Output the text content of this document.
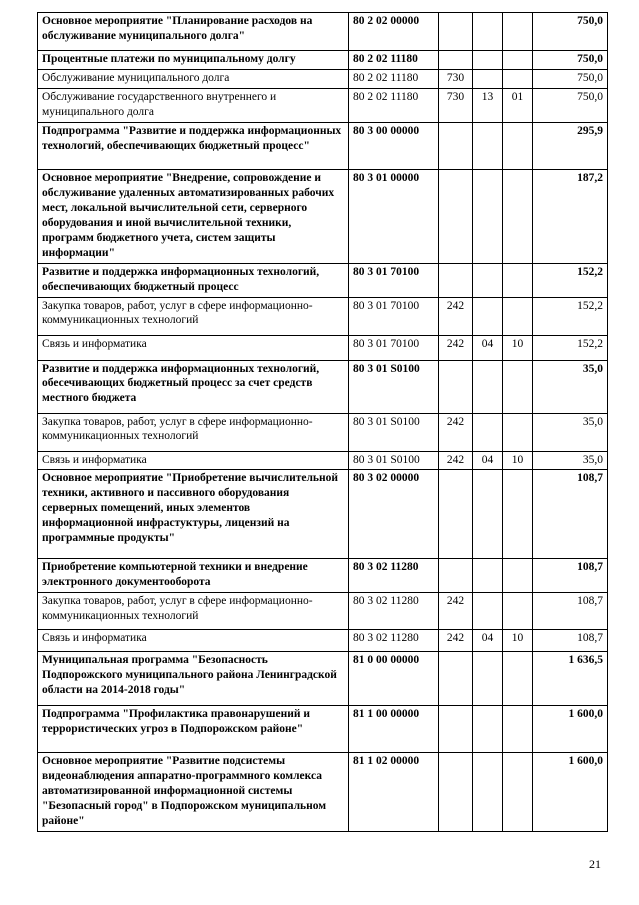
Основное мероприятие "Планирование расходов на обслуживание муниципального долга"	80 2 02 00000				750,0
Процентные платежи по муниципальному долгу	80 2 02 11180				750,0
Обслуживание муниципального долга	80 2 02 11180	730			750,0
Обслуживание государственного внутреннего и муниципального долга	80 2 02 11180	730	13	01	750,0
Подпрограмма "Развитие и поддержка информационных технологий, обеспечивающих бюджетный процесс"	80 3 00 00000				295,9
Основное мероприятие "Внедрение, сопровождение и обслуживание удаленных автоматизированных рабочих мест, локальной вычислительной сети, серверного оборудования и иной вычислительной техники, программ бюджетного учета, систем защиты информации"	80 3 01 00000				187,2
Развитие и поддержка информационных технологий, обеспечивающих бюджетный процесс	80 3 01 70100				152,2
Закупка товаров, работ, услуг в сфере информационно-коммуникационных технологий	80 3 01 70100	242			152,2
Связь и информатика	80 3 01 70100	242	04	10	152,2
Развитие и поддержка информационных технологий, обесечивающих бюджетный процесс за счет средств местного бюджета	80 3 01 S0100				35,0
Закупка товаров, работ, услуг в сфере информационно-коммуникационных технологий	80 3 01 S0100	242			35,0
Связь и информатика	80 3 01 S0100	242	04	10	35,0
Основное мероприятие "Приобретение вычислительной техники, активного и пассивного оборудования серверных помещений, иных элементов информационной инфрастуктуры, лицензий на программные продукты"	80 3 02 00000				108,7
Приобретение компьютерной техники и внедрение электронного документооборота	80 3 02 11280				108,7
Закупка товаров, работ, услуг в сфере информационно-коммуникационных технологий	80 3 02 11280	242			108,7
Связь и информатика	80 3 02 11280	242	04	10	108,7
Муниципальная программа "Безопасность Подпорожского муниципального района Ленинградской области на 2014-2018 годы"	81 0 00 00000				1 636,5
Подпрограмма "Профилактика правонарушений и террористических угроз в Подпорожском районе"	81 1 00 00000				1 600,0
Основное мероприятие "Развитие подсистемы видеонаблюдения аппаратно-программного комлекса автоматизированной информационной системы "Безопасный город" в Подпорожском муниципальном районе"	81 1 02 00000				1 600,0
21
